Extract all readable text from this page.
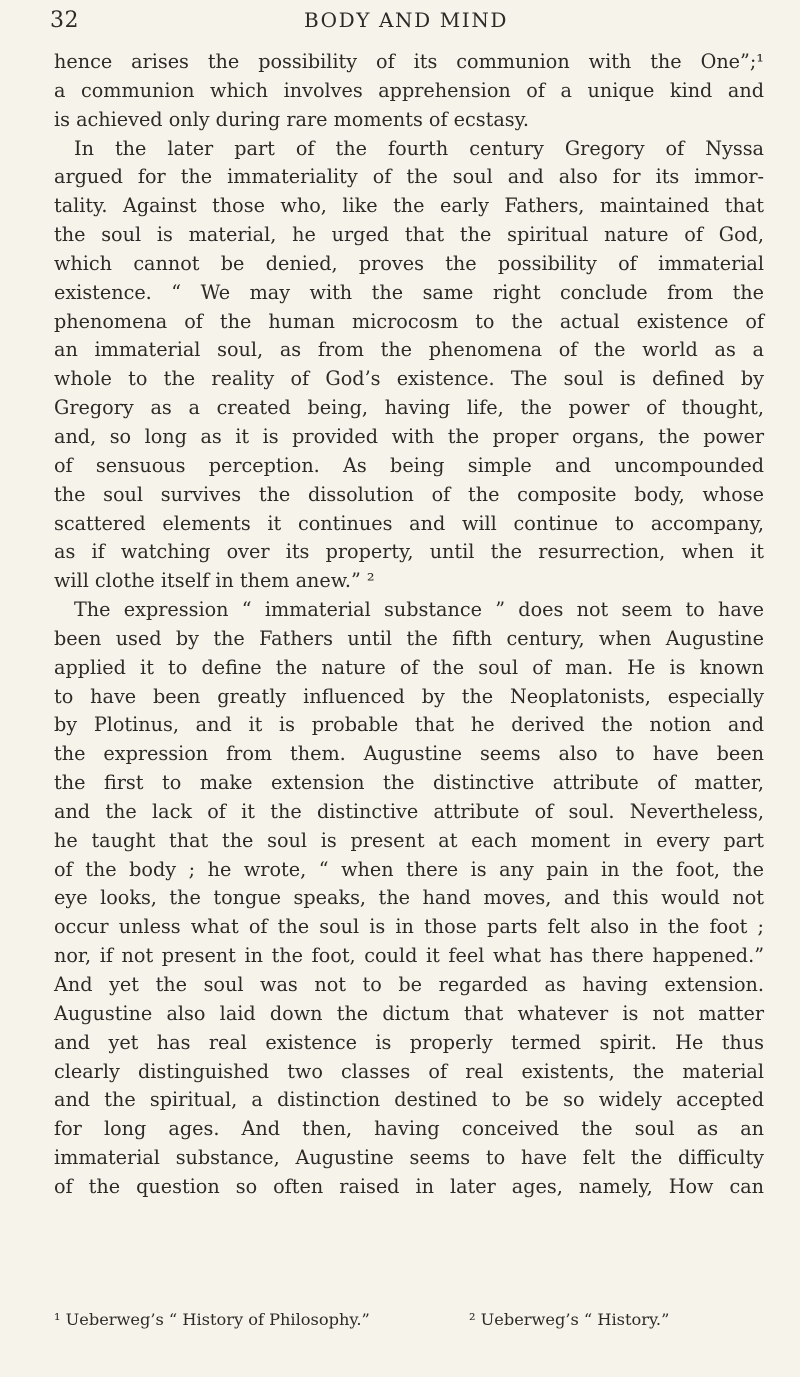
32	BODY AND MIND
hence arises the possibility of its communion with the One”;¹
a communion which involves apprehension of a unique kind and
is achieved only during rare moments of ecstasy.
In the later part of the fourth century Gregory of Nyssa
argued for the immateriality of the soul and also for its immor-
tality. Against those who, like the early Fathers, maintained that
the soul is material, he urged that the spiritual nature of God,
which cannot be denied, proves the possibility of immaterial
existence. “ We may with the same right conclude from the
phenomena of the human microcosm to the actual existence of
an immaterial soul, as from the phenomena of the world as a
whole to the reality of God’s existence. The soul is defined by
Gregory as a created being, having life, the power of thought,
and, so long as it is provided with the proper organs, the power
of sensuous perception. As being simple and uncompounded
the soul survives the dissolution of the composite body, whose
scattered elements it continues and will continue to accompany,
as if watching over its property, until the resurrection, when it
will clothe itself in them anew.” ²
The expression “ immaterial substance ” does not seem to have
been used by the Fathers until the fifth century, when Augustine
applied it to define the nature of the soul of man. He is known
to have been greatly influenced by the Neoplatonists, especially
by Plotinus, and it is probable that he derived the notion and
the expression from them. Augustine seems also to have been
the first to make extension the distinctive attribute of matter,
and the lack of it the distinctive attribute of soul. Nevertheless,
he taught that the soul is present at each moment in every part
of the body ; he wrote, “ when there is any pain in the foot, the
eye looks, the tongue speaks, the hand moves, and this would not
occur unless what of the soul is in those parts felt also in the foot ;
nor, if not present in the foot, could it feel what has there happened.”
And yet the soul was not to be regarded as having extension.
Augustine also laid down the dictum that whatever is not matter
and yet has real existence is properly termed spirit. He thus
clearly distinguished two classes of real existents, the material
and the spiritual, a distinction destined to be so widely accepted
for long ages. And then, having conceived the soul as an
immaterial substance, Augustine seems to have felt the difficulty
of the question so often raised in later ages, namely, How can
¹ Ueberweg’s “ History of Philosophy.”	² Ueberweg’s “ History.”
